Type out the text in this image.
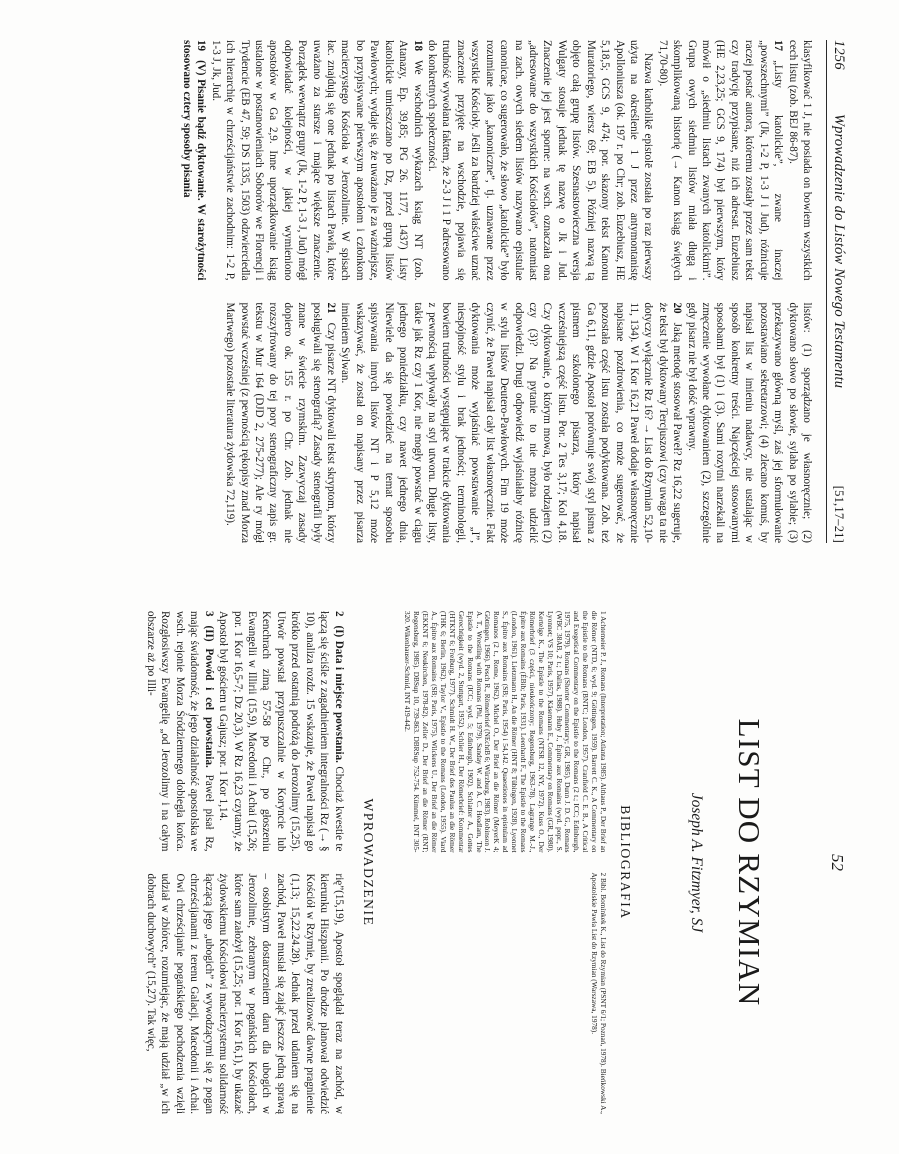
1256
Wprowadzenie do Listów Nowego Testamentu
[51,17–21]

klasyfikować 1 J, nie posiada on bowiem wszystkich cech listu (zob. BEJ 86-87).

17„Listy katolickie”, zwane inaczej „powszechnymi” (Jk, 1-2 P, 1-3 J i Jud), różnicuje raczej postać autora, któremu zostały przez sam tekst czy tradycję przypisane, niż ich adresat. Euzebiusz (HE 2,23,25; GCS 9, 174) był pierwszym, który mówił o „siedmiu listach zwanych katolickimi”. Grupa owych siedmiu listów miała długą i skomplikowaną historię (→ Kanon ksiąg świętych 71,70-80).

Nazwa katholikē epistolē została po raz pierwszy użyta na określenie 1 J przez antymontanistę Apolloniusza (ok. 197 r. po Chr; zob. Euzebiusz, HE 5,18,5; GCS 9, 474; por. skazony tekst Kanonu Muratoriego, wiersz 69; EB 5). Później nazwą tą objęto całą grupę listów. Szesnastowieczna wersja Wulgaty stosuje jednak tę nazwę o Jk i Jud. Znaczenie jej jest sporne: na wsch. oznaczała ona „adresowane do wszystkich Kościołów”, natomiast na zach. owych siedem listów nazywano epistulae canonicae, co sugerowało, że słowo „katolickie” było rozumiane jako „kanoniczne”, tj. uznawane przez wszystkie Kościoły. Jeśli za bardziej właściwe uznać znaczenie przyjęte na wschodzie, pojawia się trudność wywołana faktem, że 2-3 J i 1 P adresowano do konkretnych społeczności.

18We wschodnich wykazach ksiąg NT (zob. Atanazy, Ep. 39,85; PG 26. 1177, 1437) Listy katolickie umieszczano po Dz, przed grupą listów Pawłowych; wydaje się, że uważano je za ważniejsze, bo przypisywane pierwszym apostołom i członkom macierzystego Kościoła w Jerozolimie. W spisach łac. znajdują się one jednak po listach Pawła, które uważano za starsze i mające większe znaczenie. Porządek wewnątrz grupy (Jk, 1-2 P, 1-3 J, Jud) mógł odpowiadać kolejności, w jakiej wymieniono apostołów w Ga 2,9. Inne uporządkowanie ksiąg ustalone w postanowieniach Soborów we Florencji i Trydencie (EB 47, 59; DS 1335, 1503) odzwierciedla ich hierarchię w chrześcijaństwie zachodnim: 1-2 P, 1-3 J, Jk, Jud.

19(V) Pisanie bądź dyktowanie. W starożytności stosowano cztery sposoby pisania

listów: (1) sporządzano je własnoręcznie; (2) dyktowano słowo po słowie, sylaba po sylabie; (3) przekazywano główną myśl, zaś jej sformułowanie pozostawiano sekretarzowi; (4) zlecano komuś, by napisał list w imieniu nadawcy, nie ustalając w sposób konkretny treści. Najczęściej stosowanymi sposobami był (1) i (3). Sami rozytni narzekali na zmęczenie wywołane dyktowaniem (2), szczególnie gdy pisarz nie był dość wprawny.

20Jaką metodę stosował Paweł? Rz 16,22 sugeruje, że tekst był dyktowany Tercjuszowi (czy uwaga ta nie dotyczy wyłącznie Rz 16? → List do Rzymian 52,10-11, 134). W 1 Kor 16,21 Paweł dodaje własnoręcznie napisane pozdrowienia, co może sugerować, że pozostała część listu została podyktowana. Zob. też Ga 6,11, gdzie Apostoł porównuje swój styl pisma z pismem szkolonego pisarza, który napisał wcześniejszą część listu. Por. 2 Tes 3,17; Kol 4,18. Czy dyktowanie, o którym mowa, było rodzajem (2) czy (3)? Na pytanie to nie można udzielić odpowiedzi. Drugi odpowiedź wyjaśniałaby różnicę w stylu listów Deutero-Pawłowych. Fim 19 może czynić, że Paweł napisał cały list własnoręcznie. Fakt dyktowania może wyjaśniać powstawanie „I”, niespójność stylu i brak jedności; terminologii, bowiem trudności występujące w trakcie dyktowania z pewnością wpływały na styl utworu. Długie listy, takie jak Rz czy 1 Kor, nie mogły powstać w ciągu jednego poniedziałku, czy nawet jednego dnia. Niewiele da się powiedzieć na temat sposobu spisywania innych listów NT i P 5,12 może wskazywać, że został on napisany przez pisarza imieniem Sylwan.

21Czy pisarze NT dyktowali tekst skryptom, którzy posługiwali się stenografią? Zasady stenografii były znane w świecie rzymskim. Zazwyczaj zasady dopiero ok. 155 r. po Chr. Zob. jednak nie rozszyfrowany do tej pory stenograficzny zapis gr. tekstu w Mur 164 (DJD 2, 275-277); Ale ry mógł powstać wcześniej (z pewnością rękopisy znad Morza Martwego) pozostałe literatura żydowska 72,119).

52
LIST DO RZYMIAN
Joseph A. Fitzmyer, SJ
BIBLIOGRAFIA

1 Achtemeier P. J., Romans (Interpretation; Atlanta 1985). Althaus P., Der Brief an die Römer (NTD, 6; wyd. 9; Göttingen, 1959). Barrett C. K., A Commentary on the Epistle to the Romans (BNTC; London, 1957). Cranfield C. E. B., A Critical and Exegetical Commentary on the Epistle to the Romans (2 t.; ICC; Edinburgh, 1975, 1979). Romans (Shorter Commentary; GR, 1985). Dunn J. D. G., Romans (WBC 38AB, 2 t.; Dallas, 1988). Huby J., Épitre aux Romains (wyd. popr., S. Lyonnet; VS 10; Paris, 1957). Käsemann E., Commentary on Romans (GR, 1980). Kertelge K., The Epistle to the Romans (NTSR 12, NY, 1972). Kuss O., Der Römerbrief (3 części, nieukończony; Regensburg, 1963-78). Lagrange M.-J., Épitre aux Romains (ÉBib; Paris, 1931). Leenhardt F., The Epistle to the Romans (London, 1961). Lietzmann H., An die Römer (HNT 8; Tübingen, 1928). Lyonnet S., Épitre aux Romains (SB; Paris, 1954) i 54,142. Quaestiones in epistulam ad Romanos (2 t., Rome, 1962). Michel O., Der Brief an die Römer (MeyerK 4; Göttingen, 1966). Pesch R., Römerbrief (NEchtB 6; Würzburg, 1983). Robinson J. A. T., Wrestling with Romans (Phl, 1979). Sanday W. and A. C. Headlam, The Epistle to the Romans (ICC; wyd. 5; Edinburgh, 1902). Schlatter A., Gottes Gerechtigkeit (wyd. 2, Stuttgart, 1952). Schlier H., Der Römerbrief: Kommentar (HTKNT 6; Freiburg, 1977). Schmidt H. W., Der Brief des Paulus an die Römer (THK 6; Berlin, 1962). Taylor V., Epistle to the Romans (London, 1955). Viard A., Épitre aux Romains (SB; Paris, 1975). Wilckens U., Der Brief an die Römer (EKKNT 6; Neukirchen, 1978-82). Zeller D., Der Brief an die Römer (RNT; Regensburg, 1985). DBSup 10, 739-863. DBRSup 752-754. Kümmel, INT 305-320. Wikenhauser-Schmid, INT 419-442.

2 Bibl. Bomínkek K., List do Rzymian (PSNT 6/1; Poznań, 1978). Bieńkowski A., Apostolskie Pawła List do Rzymian (Warszawa, 1978).

WPROWADZENIE

2(I) Data i miejsce powstania. Chociaż kwestie te łączą się ściśle z zagadnieniem integralności Rz (→ § 10), analiza rozdz. 15 wskazuje, że Paweł napisał go krótko przed ostatnią podróżą do Jerozolimy (15,25). Utwór powstał przypuszczalnie w Koryncie lub Kenchrach zimą 57-58 po Chr., po głoszeniu Ewangelii w Illirii (15,9), Macedonii i Achai (15,26; por. 1 Kor 16,5-7; Dz 20,3). W Rz 16,23 czytamy, że Apostoł był gościem u Gajusz; por. 1 Kor 1,14.

3(II) Powód i cel powstania. Paweł pisał Rz, mając świadomość, że jego działalność apostolska we wsch. rejonie Morza Śródziemnego dobiegła końca. Rozgłosiwszy Ewangelię „od Jerozolimy i na całym obszarze aż po Illi-

rię”(15,19), Apostoł spoglądał teraz na zachód, w kierunku Hiszpanii. Po drodze planował odwiedzić Kościół w Rzymie, by zrealizować dawne pragnienie (1,13; 15,22.24.28). Jednak przed udaniem się na zachód, Paweł musiał się zająć jeszcze jedną sprawą – osobistym dostarczeniem daru dla ubogich w Jerozolimie, zebranym w pogańskich Kościołach, które sam założył (15,25; por. 1 Kor 16,1), by ukazać żydowskiemu Kościołowi macierzystemu solidarność łączącą jego „ubogich” z wywodzącymi się z pogan chrześcijanami z terenu Galacji, Macedonii i Achai. Owi chrześcijanie pogańskiego pochodzenia wzięli udział w zbiórce, rozumiejąc, że mają udział „w ich dobrach duchowych” (15,27). Tak więc,
